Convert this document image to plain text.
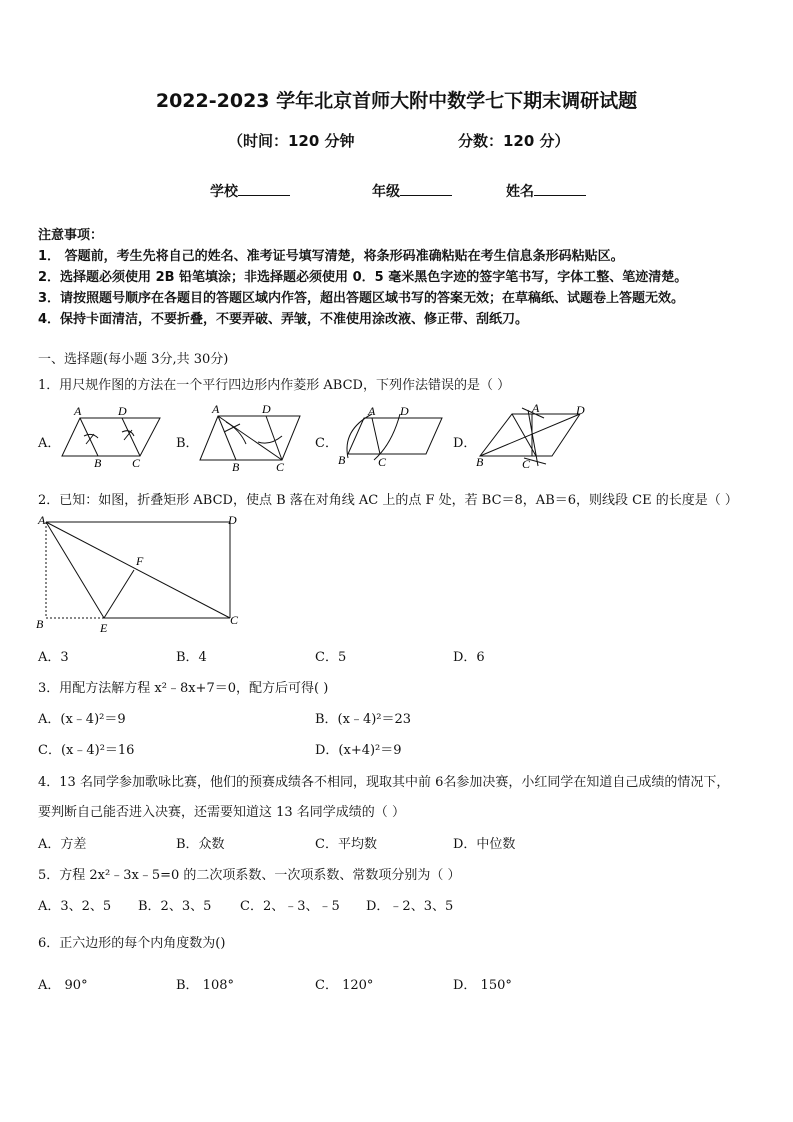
2022-2023 学年北京首师大附中数学七下期末调研试题
（时间：120 分钟	分数：120 分）
学校	年级	姓名
注意事项：
1． 答题前，考生先将自己的姓名、准考证号填写清楚，将条形码准确粘贴在考生信息条形码粘贴区。
2．选择题必须使用 2B 铅笔填涂；非选择题必须使用 0．5 毫米黑色字迹的签字笔书写，字体工整、笔迹清楚。
3．请按照题号顺序在各题目的答题区域内作答，超出答题区域书写的答案无效；在草稿纸、试题卷上答题无效。
4．保持卡面清洁，不要折叠，不要弄破、弄皱，不准使用涂改液、修正带、刮纸刀。
一、选择题(每小题 3分,共 30分)
1．用尺规作图的方法在一个平行四边形内作菱形 ABCD，下列作法错误的是（ ）
A．	B．	C．	D．
A	D
B	C
A	D
B	C
A D
B	C
A	D
B	C
2．已知：如图，折叠矩形 ABCD，使点 B 落在对角线 AC 上的点 F 处，若 BC＝8，AB＝6，则线段 CE 的长度是（ ）
A	D
B	C
E
F
A．3	B．4	C．5	D．6
3．用配方法解方程 x²﹣8x+7＝0，配方后可得( )
A．(x﹣4)²＝9	B．(x﹣4)²＝23
C．(x﹣4)²＝16	D．(x+4)²＝9
4．13 名同学参加歌咏比赛，他们的预赛成绩各不相同，现取其中前 6名参加决赛，小红同学在知道自己成绩的情况下，
要判断自己能否进入决赛，还需要知道这 13 名同学成绩的（ ）
A．方差	B．众数	C．平均数	D．中位数
5．方程 2x²﹣3x﹣5=0 的二次项系数、一次项系数、常数项分别为（ ）
A．3、2、5 B．2、3、5 C．2、﹣3、﹣5 D．﹣2、3、5
6．正六边形的每个内角度数为()
A． 90°	B． 108°	C． 120°	D． 150°
